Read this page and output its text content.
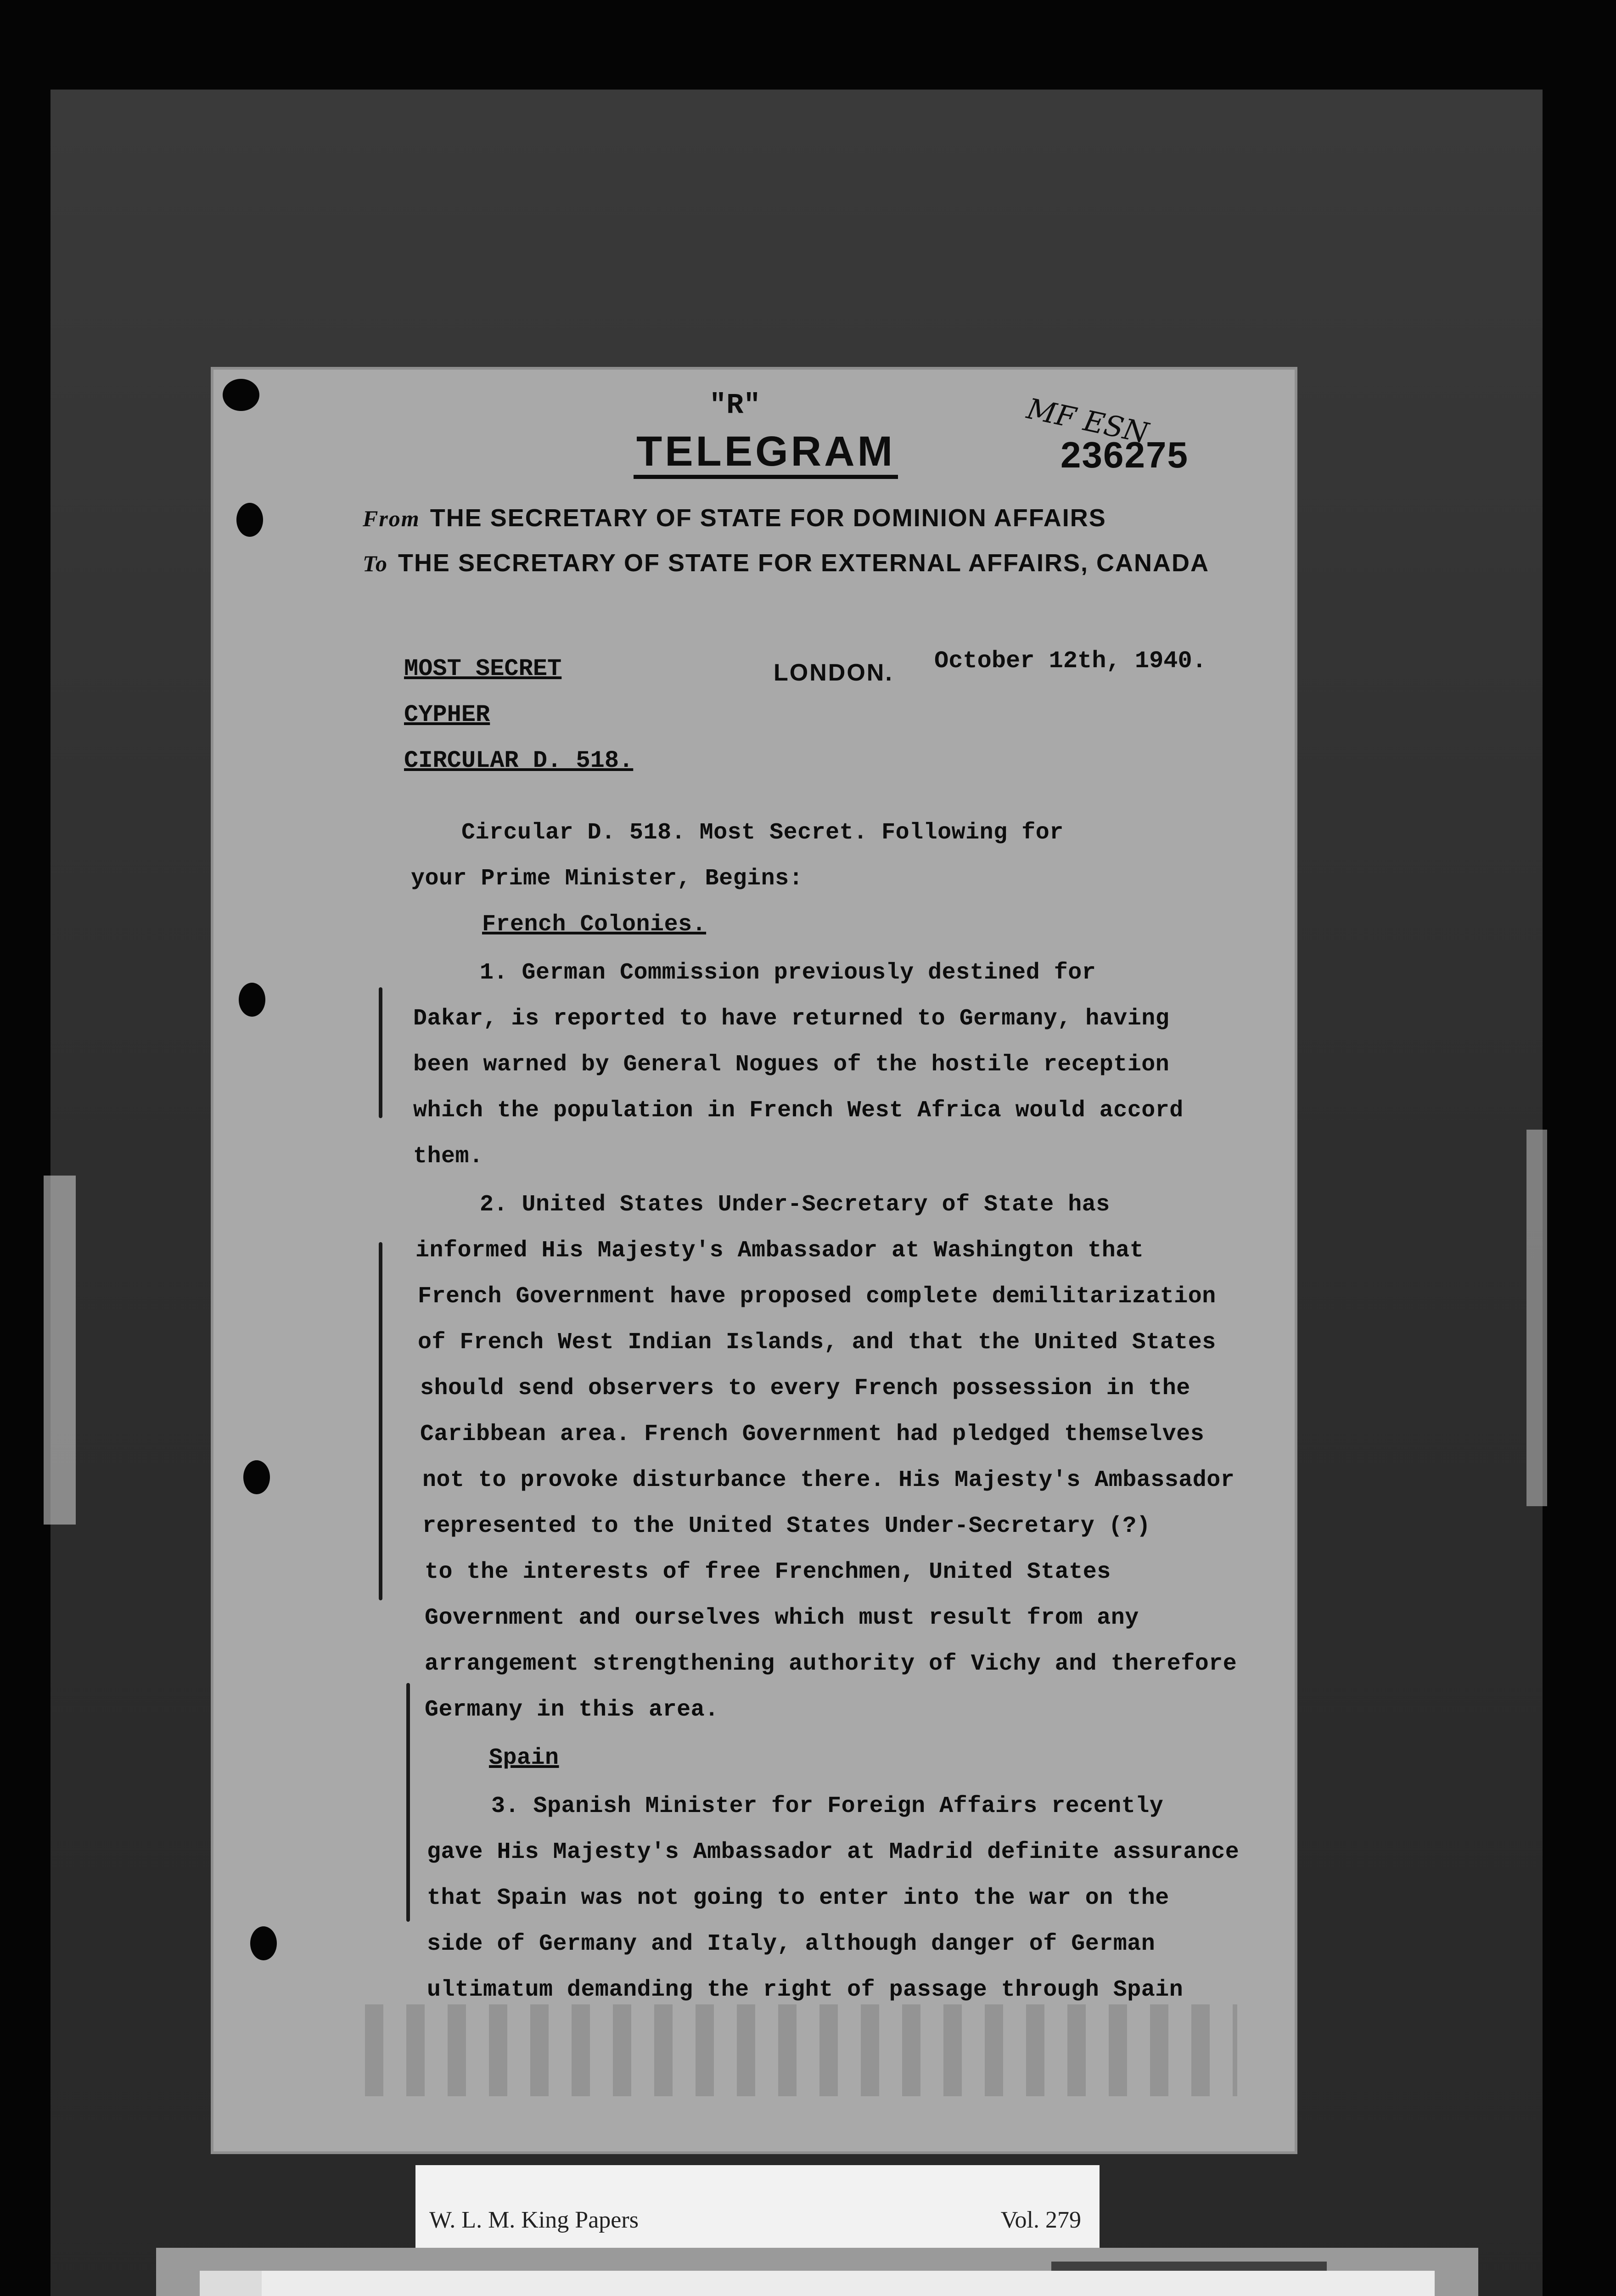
"R"
TELEGRAM
MF ESN
236275
From THE SECRETARY OF STATE FOR DOMINION AFFAIRS
To THE SECRETARY OF STATE FOR EXTERNAL AFFAIRS, CANADA
MOST SECRET
CYPHER
CIRCULAR D. 518.
LONDON. October 12th, 1940.
Circular D. 518. Most Secret. Following for
your Prime Minister, Begins:
French Colonies.
1. German Commission previously destined for
Dakar, is reported to have returned to Germany, having
been warned by General Nogues of the hostile reception
which the population in French West Africa would accord
them.
2. United States Under-Secretary of State has
informed His Majesty's Ambassador at Washington that
French Government have proposed complete demilitarization
of French West Indian Islands, and that the United States
should send observers to every French possession in the
Caribbean area. French Government had pledged themselves
not to provoke disturbance there. His Majesty's Ambassador
represented to the United States Under-Secretary (?)
to the interests of free Frenchmen, United States
Government and ourselves which must result from any
arrangement strengthening authority of Vichy and therefore
Germany in this area.
Spain
3. Spanish Minister for Foreign Affairs recently
gave His Majesty's Ambassador at Madrid definite assurance
that Spain was not going to enter into the war on the
side of Germany and Italy, although danger of German
ultimatum demanding the right of passage through Spain
W. L. M. King Papers	Vol. 279
